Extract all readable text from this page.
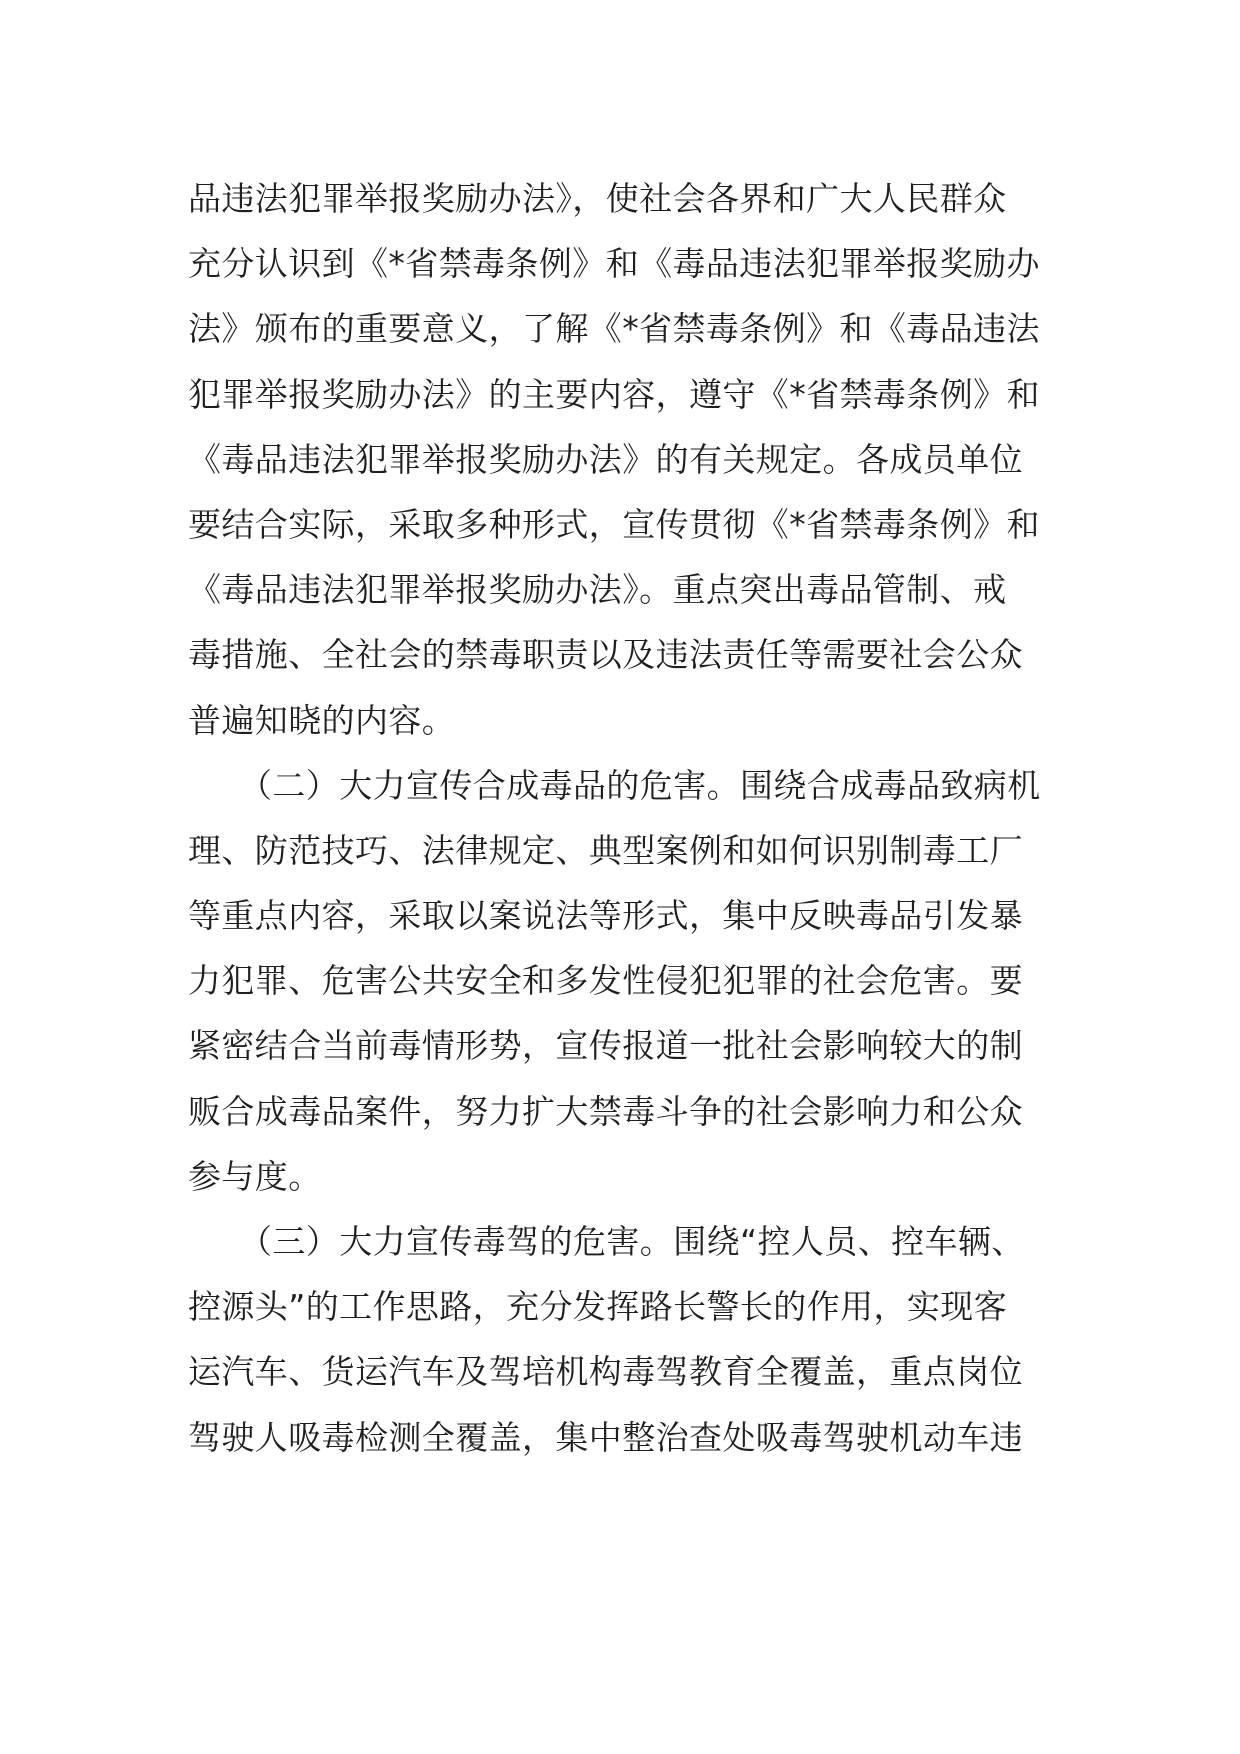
品违法犯罪举报奖励办法》，使社会各界和广大人民群众
充分认识到《*省禁毒条例》和《毒品违法犯罪举报奖励办
法》颁布的重要意义，了解《*省禁毒条例》和《毒品违法
犯罪举报奖励办法》的主要内容，遵守《*省禁毒条例》和
《毒品违法犯罪举报奖励办法》的有关规定。各成员单位
要结合实际，采取多种形式，宣传贯彻《*省禁毒条例》和
《毒品违法犯罪举报奖励办法》。重点突出毒品管制、戒
毒措施、全社会的禁毒职责以及违法责任等需要社会公众
普遍知晓的内容。
（二）大力宣传合成毒品的危害。围绕合成毒品致病机
理、防范技巧、法律规定、典型案例和如何识别制毒工厂
等重点内容，采取以案说法等形式，集中反映毒品引发暴
力犯罪、危害公共安全和多发性侵犯犯罪的社会危害。要
紧密结合当前毒情形势，宣传报道一批社会影响较大的制
贩合成毒品案件，努力扩大禁毒斗争的社会影响力和公众
参与度。
（三）大力宣传毒驾的危害。围绕“控人员、控车辆、
控源头”的工作思路，充分发挥路长警长的作用，实现客
运汽车、货运汽车及驾培机构毒驾教育全覆盖，重点岗位
驾驶人吸毒检测全覆盖，集中整治查处吸毒驾驶机动车违
